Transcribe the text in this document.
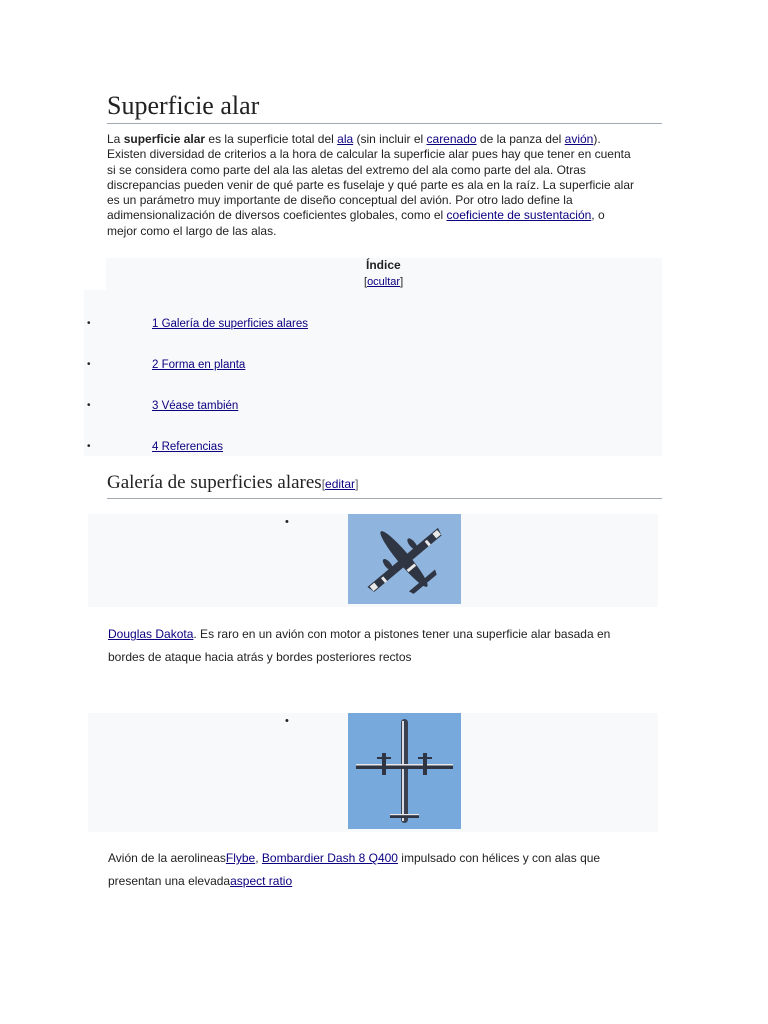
Superficie alar

La superficie alar es la superficie total del ala (sin incluir el carenado de la panza del avión). Existen diversidad de criterios a la hora de calcular la superficie alar pues hay que tener en cuenta si se considera como parte del ala las aletas del extremo del ala como parte del ala. Otras discrepancias pueden venir de qué parte es fuselaje y qué parte es ala en la raíz. La superficie alar es un parámetro muy importante de diseño conceptual del avión. Por otro lado define la adimensionalización de diversos coeficientes globales, como el coeficiente de sustentación, o mejor como el largo de las alas.

Índice
[ocultar]
•	1 Galería de superficies alares
•	2 Forma en planta
•	3 Véase también
•	4 Referencias
Galería de superficies alares[editar]
•

Douglas Dakota. Es raro en un avión con motor a pistones tener una superficie alar basada en bordes de ataque hacia atrás y bordes posteriores rectos

•

Avión de la aerolineasFlybe, Bombardier Dash 8 Q400 impulsado con hélices y con alas que presentan una elevadaaspect ratio
